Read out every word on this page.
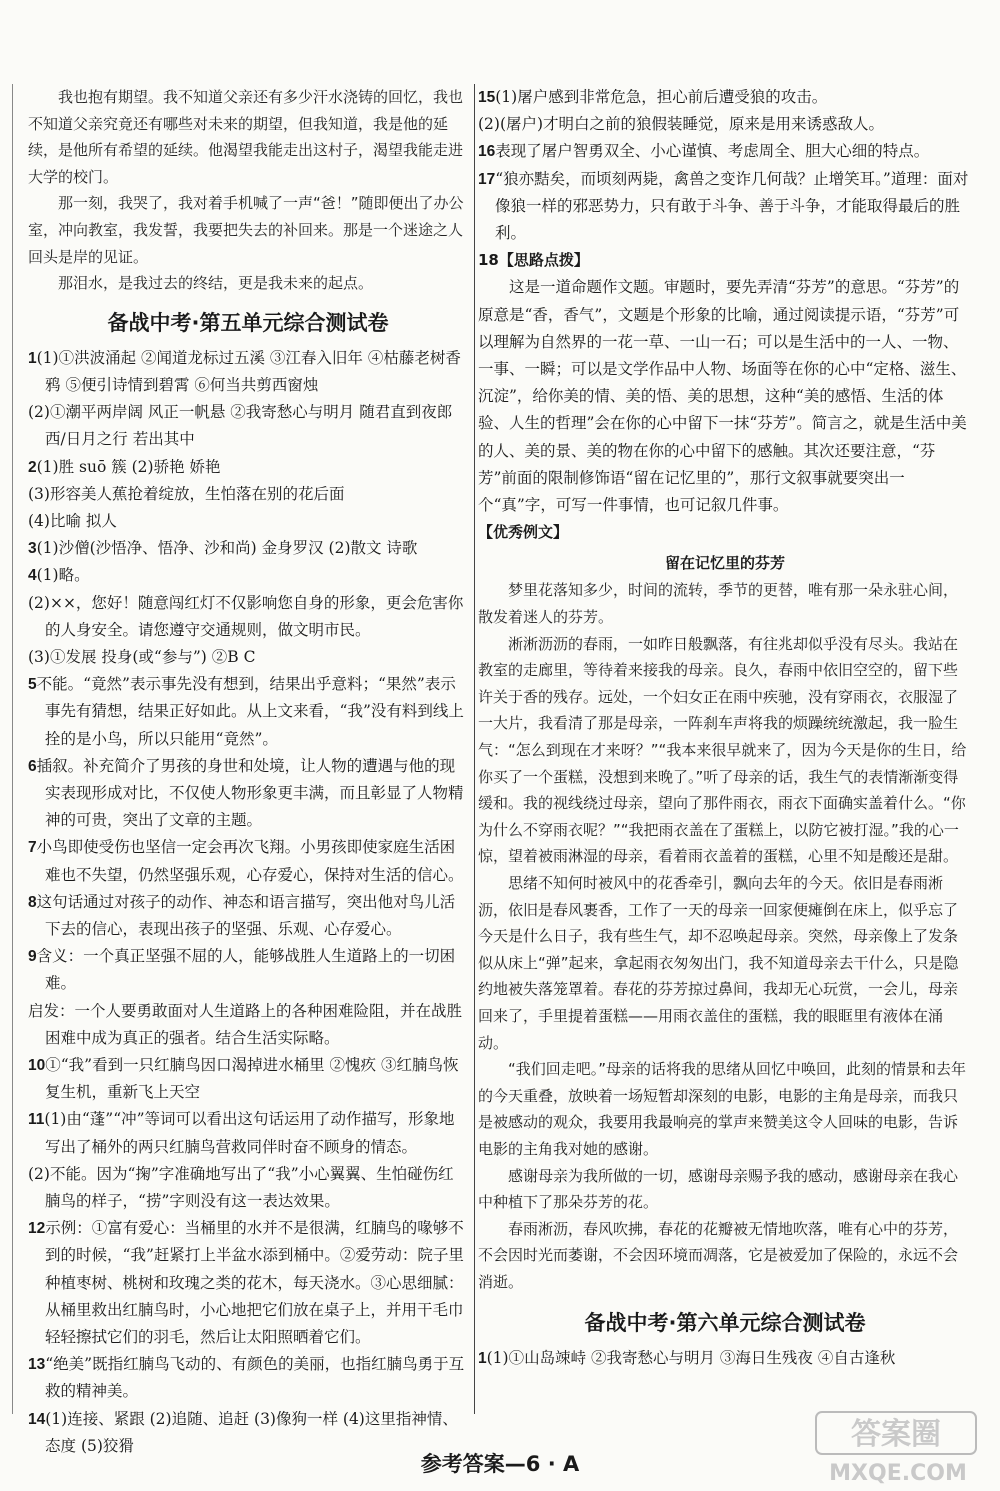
我也抱有期望。我不知道父亲还有多少汗水浇铸的回忆，我也不知道父亲究竟还有哪些对未来的期望，但我知道，我是他的延续，是他所有希望的延续。他渴望我能走出这村子，渴望我能走进大学的校门。

那一刻，我哭了，我对着手机喊了一声“爸！”随即便出了办公室，冲向教室，我发誓，我要把失去的补回来。那是一个迷途之人回头是岸的见证。

那泪水，是我过去的终结，更是我未来的起点。

备战中考·第五单元综合测试卷

1(1)①洪波涌起 ②闻道龙标过五溪 ③江春入旧年 ④枯藤老树香鸦 ⑤便引诗情到碧霄 ⑥何当共剪西窗烛

(2)①潮平两岸阔 风正一帆悬 ②我寄愁心与明月 随君直到夜郎西/日月之行 若出其中

2(1)胜 suō 簇 (2)骄艳 娇艳

(3)形容美人蕉抢着绽放，生怕落在别的花后面

(4)比喻 拟人

3(1)沙僧(沙悟净、悟净、沙和尚) 金身罗汉 (2)散文 诗歌

4(1)略。

(2)××，您好！随意闯红灯不仅影响您自身的形象，更会危害你的人身安全。请您遵守交通规则，做文明市民。

(3)①发展 投身(或“参与”) ②B C

5不能。“竟然”表示事先没有想到，结果出乎意料；“果然”表示事先有猜想，结果正好如此。从上文来看，“我”没有料到线上拴的是小鸟，所以只能用“竟然”。

6插叙。补充简介了男孩的身世和处境，让人物的遭遇与他的现实表现形成对比，不仅使人物形象更丰满，而且彰显了人物精神的可贵，突出了文章的主题。

7小鸟即使受伤也坚信一定会再次飞翔。小男孩即使家庭生活困难也不失望，仍然坚强乐观，心存爱心，保持对生活的信心。

8这句话通过对孩子的动作、神态和语言描写，突出他对鸟儿活下去的信心，表现出孩子的坚强、乐观、心存爱心。

9含义：一个真正坚强不屈的人，能够战胜人生道路上的一切困难。

启发：一个人要勇敢面对人生道路上的各种困难险阻，并在战胜困难中成为真正的强者。结合生活实际略。

10①“我”看到一只红腩鸟因口渴掉进水桶里 ②愧疚 ③红腩鸟恢复生机，重新飞上天空

11(1)由“蓬”“冲”等词可以看出这句话运用了动作描写，形象地写出了桶外的两只红腩鸟营救同伴时奋不顾身的情态。

(2)不能。因为“掬”字准确地写出了“我”小心翼翼、生怕碰伤红腩鸟的样子，“捞”字则没有这一表达效果。

12示例：①富有爱心：当桶里的水并不是很满，红腩鸟的喙够不到的时候，“我”赶紧打上半盆水添到桶中。②爱劳动：院子里种植枣树、桃树和玫瑰之类的花木，每天浇水。③心思细腻：从桶里救出红腩鸟时，小心地把它们放在桌子上，并用干毛巾轻轻擦拭它们的羽毛，然后让太阳照晒着它们。

13“绝美”既指红腩鸟飞动的、有颜色的美丽，也指红腩鸟勇于互救的精神美。

14(1)连接、紧跟 (2)追随、追赶 (3)像狗一样 (4)这里指神情、态度 (5)狡猾

15(1)屠户感到非常危急，担心前后遭受狼的攻击。

(2)(屠户)才明白之前的狼假装睡觉，原来是用来诱惑敌人。

16表现了屠户智勇双全、小心谨慎、考虑周全、胆大心细的特点。

17“狼亦黠矣，而顷刻两毙，禽兽之变诈几何哉？止增笑耳。”道理：面对像狼一样的邪恶势力，只有敢于斗争、善于斗争，才能取得最后的胜利。

18【思路点拨】

这是一道命题作文题。审题时，要先弄清“芬芳”的意思。“芬芳”的原意是“香，香气”，文题是个形象的比喻，通过阅读提示语，“芬芳”可以理解为自然界的一花一草、一山一石；可以是生活中的一人、一物、一事、一瞬；可以是文学作品中人物、场面等在你的心中“定格、滋生、沉淀”，给你美的情、美的悟、美的思想，这种“美的感悟、生活的体验、人生的哲理”会在你的心中留下一抹“芬芳”。简言之，就是生活中美的人、美的景、美的物在你的心中留下的感触。其次还要注意，“芬芳”前面的限制修饰语“留在记忆里的”，那行文叙事就要突出一个“真”字，可写一件事情，也可记叙几件事。

【优秀例文】

留在记忆里的芬芳

梦里花落知多少，时间的流转，季节的更替，唯有那一朵永驻心间，散发着迷人的芬芳。

淅淅沥沥的春雨，一如昨日般飘落，有往兆却似乎没有尽头。我站在教室的走廊里，等待着来接我的母亲。良久，春雨中依旧空空的，留下些许关于香的残存。远处，一个妇女正在雨中疾驰，没有穿雨衣，衣服湿了一大片，我看清了那是母亲，一阵刹车声将我的烦躁统统激起，我一脸生气：“怎么到现在才来呀？”“我本来很早就来了，因为今天是你的生日，给你买了一个蛋糕，没想到来晚了。”听了母亲的话，我生气的表情渐渐变得缓和。我的视线绕过母亲，望向了那件雨衣，雨衣下面确实盖着什么。“你为什么不穿雨衣呢？”“我把雨衣盖在了蛋糕上，以防它被打湿。”我的心一惊，望着被雨淋湿的母亲，看着雨衣盖着的蛋糕，心里不知是酸还是甜。

思绪不知何时被风中的花香牵引，飘向去年的今天。依旧是春雨淅沥，依旧是春风裹香，工作了一天的母亲一回家便瘫倒在床上，似乎忘了今天是什么日子，我有些生气，却不忍唤起母亲。突然，母亲像上了发条似从床上“弹”起来，拿起雨衣匆匆出门，我不知道母亲去干什么，只是隐约地被失落笼罩着。春花的芬芳掠过鼻间，我却无心玩赏，一会儿，母亲回来了，手里提着蛋糕——用雨衣盖住的蛋糕，我的眼眶里有液体在涌动。

“我们回走吧。”母亲的话将我的思绪从回忆中唤回，此刻的情景和去年的今天重叠，放映着一场短暂却深刻的电影，电影的主角是母亲，而我只是被感动的观众，我要用我最响亮的掌声来赞美这令人回味的电影，告诉电影的主角我对她的感谢。

感谢母亲为我所做的一切，感谢母亲赐予我的感动，感谢母亲在我心中种植下了那朵芬芳的花。

春雨淅沥，春风吹拂，春花的花瓣被无情地吹落，唯有心中的芬芳，不会因时光而萎谢，不会因环境而凋落，它是被爱加了保险的，永远不会消逝。

备战中考·第六单元综合测试卷

1(1)①山岛竦峙 ②我寄愁心与明月 ③海日生残夜 ④自古逢秋

参考答案—6 · A
答案圈
MXQE.COM
